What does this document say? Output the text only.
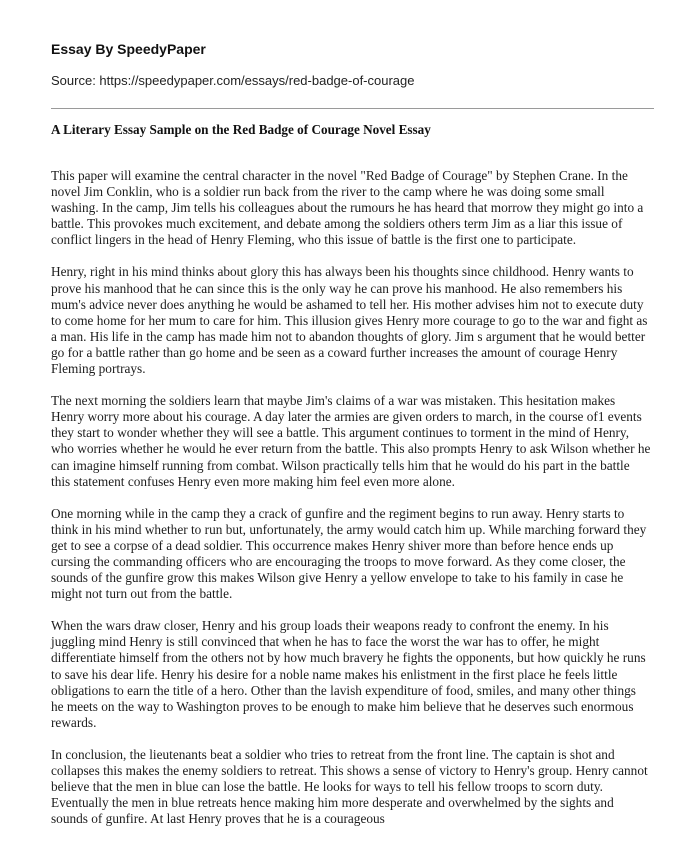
Essay By SpeedyPaper
Source: https://speedypaper.com/essays/red-badge-of-courage
A Literary Essay Sample on the Red Badge of Courage Novel Essay

This paper will examine the central character in the novel "Red Badge of Courage" by Stephen Crane. In the novel Jim Conklin, who is a soldier run back from the river to the camp where he was doing some small washing. In the camp, Jim tells his colleagues about the rumours he has heard that morrow they might go into a battle. This provokes much excitement, and debate among the soldiers others term Jim as a liar this issue of conflict lingers in the head of Henry Fleming, who this issue of battle is the first one to participate.

Henry, right in his mind thinks about glory this has always been his thoughts since childhood. Henry wants to prove his manhood that he can since this is the only way he can prove his manhood. He also remembers his mum's advice never does anything he would be ashamed to tell her. His mother advises him not to execute duty to come home for her mum to care for him. This illusion gives Henry more courage to go to the war and fight as a man. His life in the camp has made him not to abandon thoughts of glory. Jim s argument that he would better go for a battle rather than go home and be seen as a coward further increases the amount of courage Henry Fleming portrays.

The next morning the soldiers learn that maybe Jim's claims of a war was mistaken. This hesitation makes Henry worry more about his courage. A day later the armies are given orders to march, in the course of1 events they start to wonder whether they will see a battle. This argument continues to torment in the mind of Henry, who worries whether he would he ever return from the battle. This also prompts Henry to ask Wilson whether he can imagine himself running from combat. Wilson practically tells him that he would do his part in the battle this statement confuses Henry even more making him feel even more alone.

One morning while in the camp they a crack of gunfire and the regiment begins to run away. Henry starts to think in his mind whether to run but, unfortunately, the army would catch him up. While marching forward they get to see a corpse of a dead soldier. This occurrence makes Henry shiver more than before hence ends up cursing the commanding officers who are encouraging the troops to move forward. As they come closer, the sounds of the gunfire grow this makes Wilson give Henry a yellow envelope to take to his family in case he might not turn out from the battle.

When the wars draw closer, Henry and his group loads their weapons ready to confront the enemy. In his juggling mind Henry is still convinced that when he has to face the worst the war has to offer, he might differentiate himself from the others not by how much bravery he fights the opponents, but how quickly he runs to save his dear life. Henry his desire for a noble name makes his enlistment in the first place he feels little obligations to earn the title of a hero. Other than the lavish expenditure of food, smiles, and many other things he meets on the way to Washington proves to be enough to make him believe that he deserves such enormous rewards.

In conclusion, the lieutenants beat a soldier who tries to retreat from the front line. The captain is shot and collapses this makes the enemy soldiers to retreat. This shows a sense of victory to Henry's group. Henry cannot believe that the men in blue can lose the battle. He looks for ways to tell his fellow troops to scorn duty. Eventually the men in blue retreats hence making him more desperate and overwhelmed by the sights and sounds of gunfire. At last Henry proves that he is a courageous
